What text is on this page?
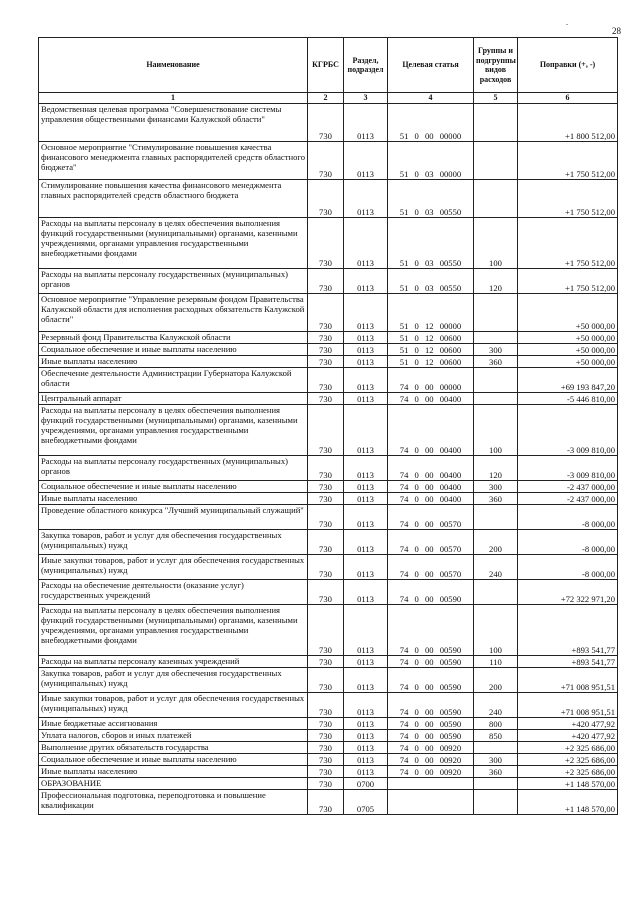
.
28
Наименование	КГРБС	Раздел, подраздел	Целевая статья	Группы и подгруппы видов расходов	Поправки (+, -)
1	2	3	4	5	6
Ведомственная целевая программа "Совершенствование системы управления общественными финансами Калужской области"	730	0113	51 0 00 00000		+1 800 512,00
Основное мероприятие "Стимулирование повышения качества финансового менеджмента главных распорядителей средств областного бюджета"	730	0113	51 0 03 00000		+1 750 512,00
Стимулирование повышения качества финансового менеджмента главных распорядителей средств областного бюджета	730	0113	51 0 03 00550		+1 750 512,00
Расходы на выплаты персоналу в целях обеспечения выполнения функций государственными (муниципальными) органами, казенными учреждениями, органами управления государственными внебюджетными фондами	730	0113	51 0 03 00550	100	+1 750 512,00
Расходы на выплаты персоналу государственных (муниципальных) органов	730	0113	51 0 03 00550	120	+1 750 512,00
Основное мероприятие "Управление резервным фондом Правительства Калужской области для исполнения расходных обязательств Калужской области"	730	0113	51 0 12 00000		+50 000,00
Резервный фонд Правительства Калужской области	730	0113	51 0 12 00600		+50 000,00
Социальное обеспечение и иные выплаты населению	730	0113	51 0 12 00600	300	+50 000,00
Иные выплаты населению	730	0113	51 0 12 00600	360	+50 000,00
Обеспечение деятельности Администрации Губернатора Калужской области	730	0113	74 0 00 00000		+69 193 847,20
Центральный аппарат	730	0113	74 0 00 00400		-5 446 810,00
Расходы на выплаты персоналу в целях обеспечения выполнения функций государственными (муниципальными) органами, казенными учреждениями, органами управления государственными внебюджетными фондами	730	0113	74 0 00 00400	100	-3 009 810,00
Расходы на выплаты персоналу государственных (муниципальных) органов	730	0113	74 0 00 00400	120	-3 009 810,00
Социальное обеспечение и иные выплаты населению	730	0113	74 0 00 00400	300	-2 437 000,00
Иные выплаты населению	730	0113	74 0 00 00400	360	-2 437 000,00
Проведение областного конкурса "Лучший муниципальный служащий"	730	0113	74 0 00 00570		-8 000,00
Закупка товаров, работ и услуг для обеспечения государственных (муниципальных) нужд	730	0113	74 0 00 00570	200	-8 000,00
Иные закупки товаров, работ и услуг для обеспечения государственных (муниципальных) нужд	730	0113	74 0 00 00570	240	-8 000,00
Расходы на обеспечение деятельности (оказание услуг) государственных учреждений	730	0113	74 0 00 00590		+72 322 971,20
Расходы на выплаты персоналу в целях обеспечения выполнения функций государственными (муниципальными) органами, казенными учреждениями, органами управления государственными внебюджетными фондами	730	0113	74 0 00 00590	100	+893 541,77
Расходы на выплаты персоналу казенных учреждений	730	0113	74 0 00 00590	110	+893 541,77
Закупка товаров, работ и услуг для обеспечения государственных (муниципальных) нужд	730	0113	74 0 00 00590	200	+71 008 951,51
Иные закупки товаров, работ и услуг для обеспечения государственных (муниципальных) нужд	730	0113	74 0 00 00590	240	+71 008 951,51
Иные бюджетные ассигнования	730	0113	74 0 00 00590	800	+420 477,92
Уплата налогов, сборов и иных платежей	730	0113	74 0 00 00590	850	+420 477,92
Выполнение других обязательств государства	730	0113	74 0 00 00920		+2 325 686,00
Социальное обеспечение и иные выплаты населению	730	0113	74 0 00 00920	300	+2 325 686,00
Иные выплаты населению	730	0113	74 0 00 00920	360	+2 325 686,00
ОБРАЗОВАНИЕ	730	0700			+1 148 570,00
Профессиональная подготовка, переподготовка и повышение квалификации	730	0705			+1 148 570,00
